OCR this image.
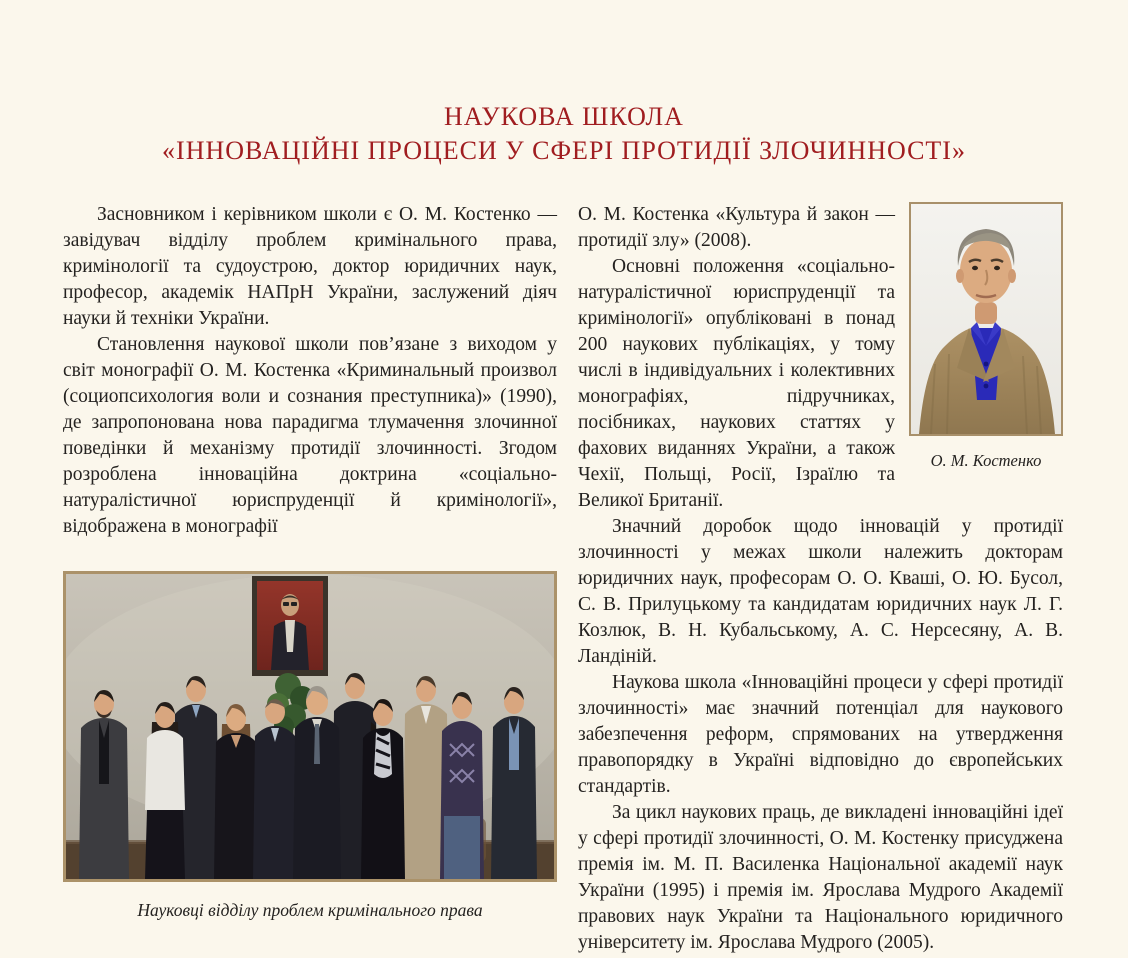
НАУКОВА ШКОЛА
«ІННОВАЦІЙНІ ПРОЦЕСИ У СФЕРІ ПРОТИДІЇ ЗЛОЧИННОСТІ»

Засновником і керівником школи є О. М. Костенко — завідувач відділу проблем кримінального права, кримінології та судоустрою, доктор юридичних наук, професор, академік НАПрН України, заслужений діяч науки й техніки України.

Становлення наукової школи пов’язане з виходом у світ монографії О. М. Костенка «Криминальный произвол (социопсихология воли и сознания преступника)» (1990), де запропонована нова парадигма тлумачення злочинної поведінки й механізму протидії злочинності. Згодом розроблена інноваційна доктрина «соціально-натуралістичної юриспруденції й кримінології», відображена в монографії

Науковці відділу проблем кримінального права
О. М. Костенко

О. М. Костенка «Культура й закон — протидії злу» (2008).

Основні положення «соціально-натуралістичної юриспруденції та кримінології» опубліковані в понад 200 наукових публікаціях, у тому числі в індивідуальних і колективних монографіях, підручниках, посібниках, наукових статтях у фахових виданнях України, а також Чехії, Польщі, Росії, Ізраїлю та Великої Британії.

Значний доробок щодо інновацій у протидії злочинності у межах школи належить докторам юридичних наук, професорам О. О. Кваші, О. Ю. Бусол, С. В. Прилуцькому та кандидатам юридичних наук Л. Г. Козлюк, В. Н. Кубальському, А. С. Нерсесяну, А. В. Ландіній.

Наукова школа «Інноваційні процеси у сфері протидії злочинності» має значний потенціал для наукового забезпечення реформ, спрямованих на утвердження правопорядку в Україні відповідно до європейських стандартів.

За цикл наукових праць, де викладені інноваційні ідеї у сфері протидії злочинності, О. М. Костенку присуджена премія ім. М. П. Василенка Національної академії наук України (1995) і премія ім. Ярослава Мудрого Академії правових наук України та Національного юридичного університету ім. Ярослава Мудрого (2005).
